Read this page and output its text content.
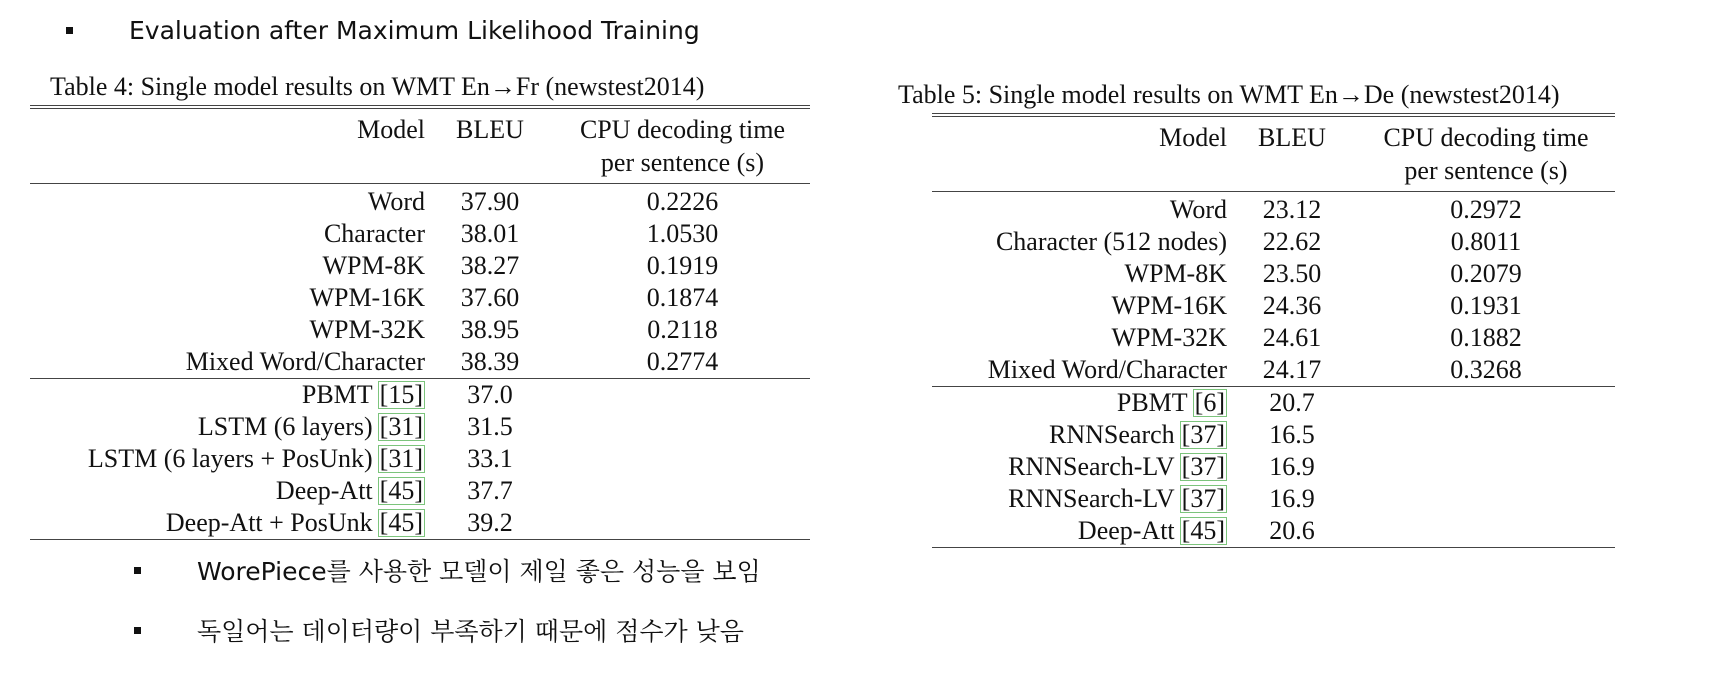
Evaluation after Maximum Likelihood Training
Table 4: Single model results on WMT En→Fr (newstest2014)
Model	BLEU	CPU decoding time
		per sentence (s)
Word	37.90	0.2226
Character	38.01	1.0530
WPM-8K	38.27	0.1919
WPM-16K	37.60	0.1874
WPM-32K	38.95	0.2118
Mixed Word/Character	38.39	0.2774
PBMT [15]	37.0	
LSTM (6 layers) [31]	31.5	
LSTM (6 layers + PosUnk) [31]	33.1	
Deep-Att [45]	37.7	
Deep-Att + PosUnk [45]	39.2	
Table 5: Single model results on WMT En→De (newstest2014)
Model	BLEU	CPU decoding time
		per sentence (s)
Word	23.12	0.2972
Character (512 nodes)	22.62	0.8011
WPM-8K	23.50	0.2079
WPM-16K	24.36	0.1931
WPM-32K	24.61	0.1882
Mixed Word/Character	24.17	0.3268
PBMT [6]	20.7	
RNNSearch [37]	16.5	
RNNSearch-LV [37]	16.9	
RNNSearch-LV [37]	16.9	
Deep-Att [45]	20.6	
WorePiece를 사용한 모델이 제일 좋은 성능을 보임
독일어는 데이터량이 부족하기 때문에 점수가 낮음
